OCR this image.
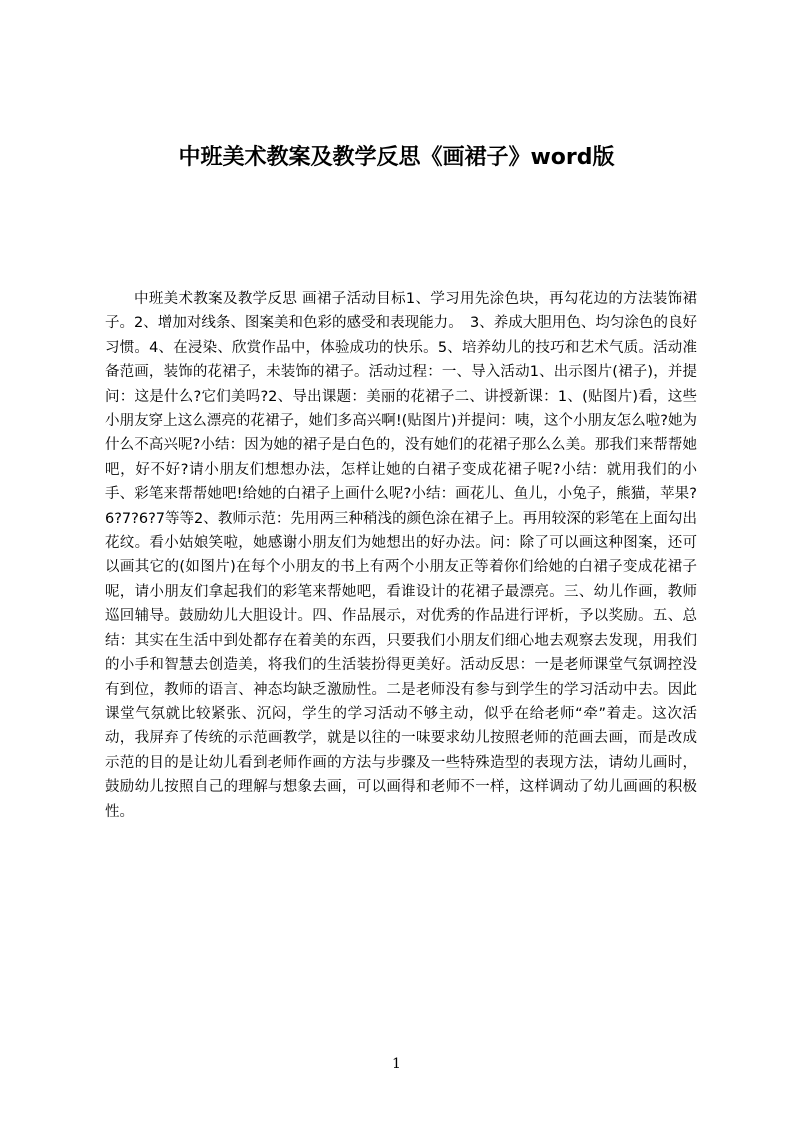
中班美术教案及教学反思《画裙子》word版

中班美术教案及教学反思 画裙子活动目标1、学习用先涂色块，再勾花边的方法装饰裙子。2、增加对线条、图案美和色彩的感受和表现能力。　3、养成大胆用色、均匀涂色的良好习惯。4、在浸染、欣赏作品中，体验成功的快乐。5、培养幼儿的技巧和艺术气质。活动准备范画，装饰的花裙子，未装饰的裙子。活动过程：一、导入活动1、出示图片(裙子)，并提问：这是什么?它们美吗?2、导出课题：美丽的花裙子二、讲授新课：1、(贴图片)看，这些小朋友穿上这么漂亮的花裙子，她们多高兴啊!(贴图片)并提问：咦，这个小朋友怎么啦?她为什么不高兴呢?小结：因为她的裙子是白色的，没有她们的花裙子那么么美。那我们来帮帮她吧，好不好?请小朋友们想想办法，怎样让她的白裙子变成花裙子呢?小结：就用我们的小手、彩笔来帮帮她吧!给她的白裙子上画什么呢?小结：画花儿、鱼儿，小兔子，熊猫，苹果?6?7?6?7等等2、教师示范：先用两三种稍浅的颜色涂在裙子上。再用较深的彩笔在上面勾出花纹。看小姑娘笑啦，她感谢小朋友们为她想出的好办法。问：除了可以画这种图案，还可以画其它的(如图片)在每个小朋友的书上有两个小朋友正等着你们给她的白裙子变成花裙子呢，请小朋友们拿起我们的彩笔来帮她吧，看谁设计的花裙子最漂亮。三、幼儿作画，教师巡回辅导。鼓励幼儿大胆设计。四、作品展示，对优秀的作品进行评析，予以奖励。五、总结：其实在生活中到处都存在着美的东西，只要我们小朋友们细心地去观察去发现，用我们的小手和智慧去创造美，将我们的生活装扮得更美好。活动反思：一是老师课堂气氛调控没有到位，教师的语言、神态均缺乏激励性。二是老师没有参与到学生的学习活动中去。因此课堂气氛就比较紧张、沉闷，学生的学习活动不够主动，似乎在给老师“牵”着走。这次活动，我屏弃了传统的示范画教学，就是以往的一味要求幼儿按照老师的范画去画，而是改成示范的目的是让幼儿看到老师作画的方法与步骤及一些特殊造型的表现方法，请幼儿画时，鼓励幼儿按照自己的理解与想象去画，可以画得和老师不一样，这样调动了幼儿画画的积极性。

1
